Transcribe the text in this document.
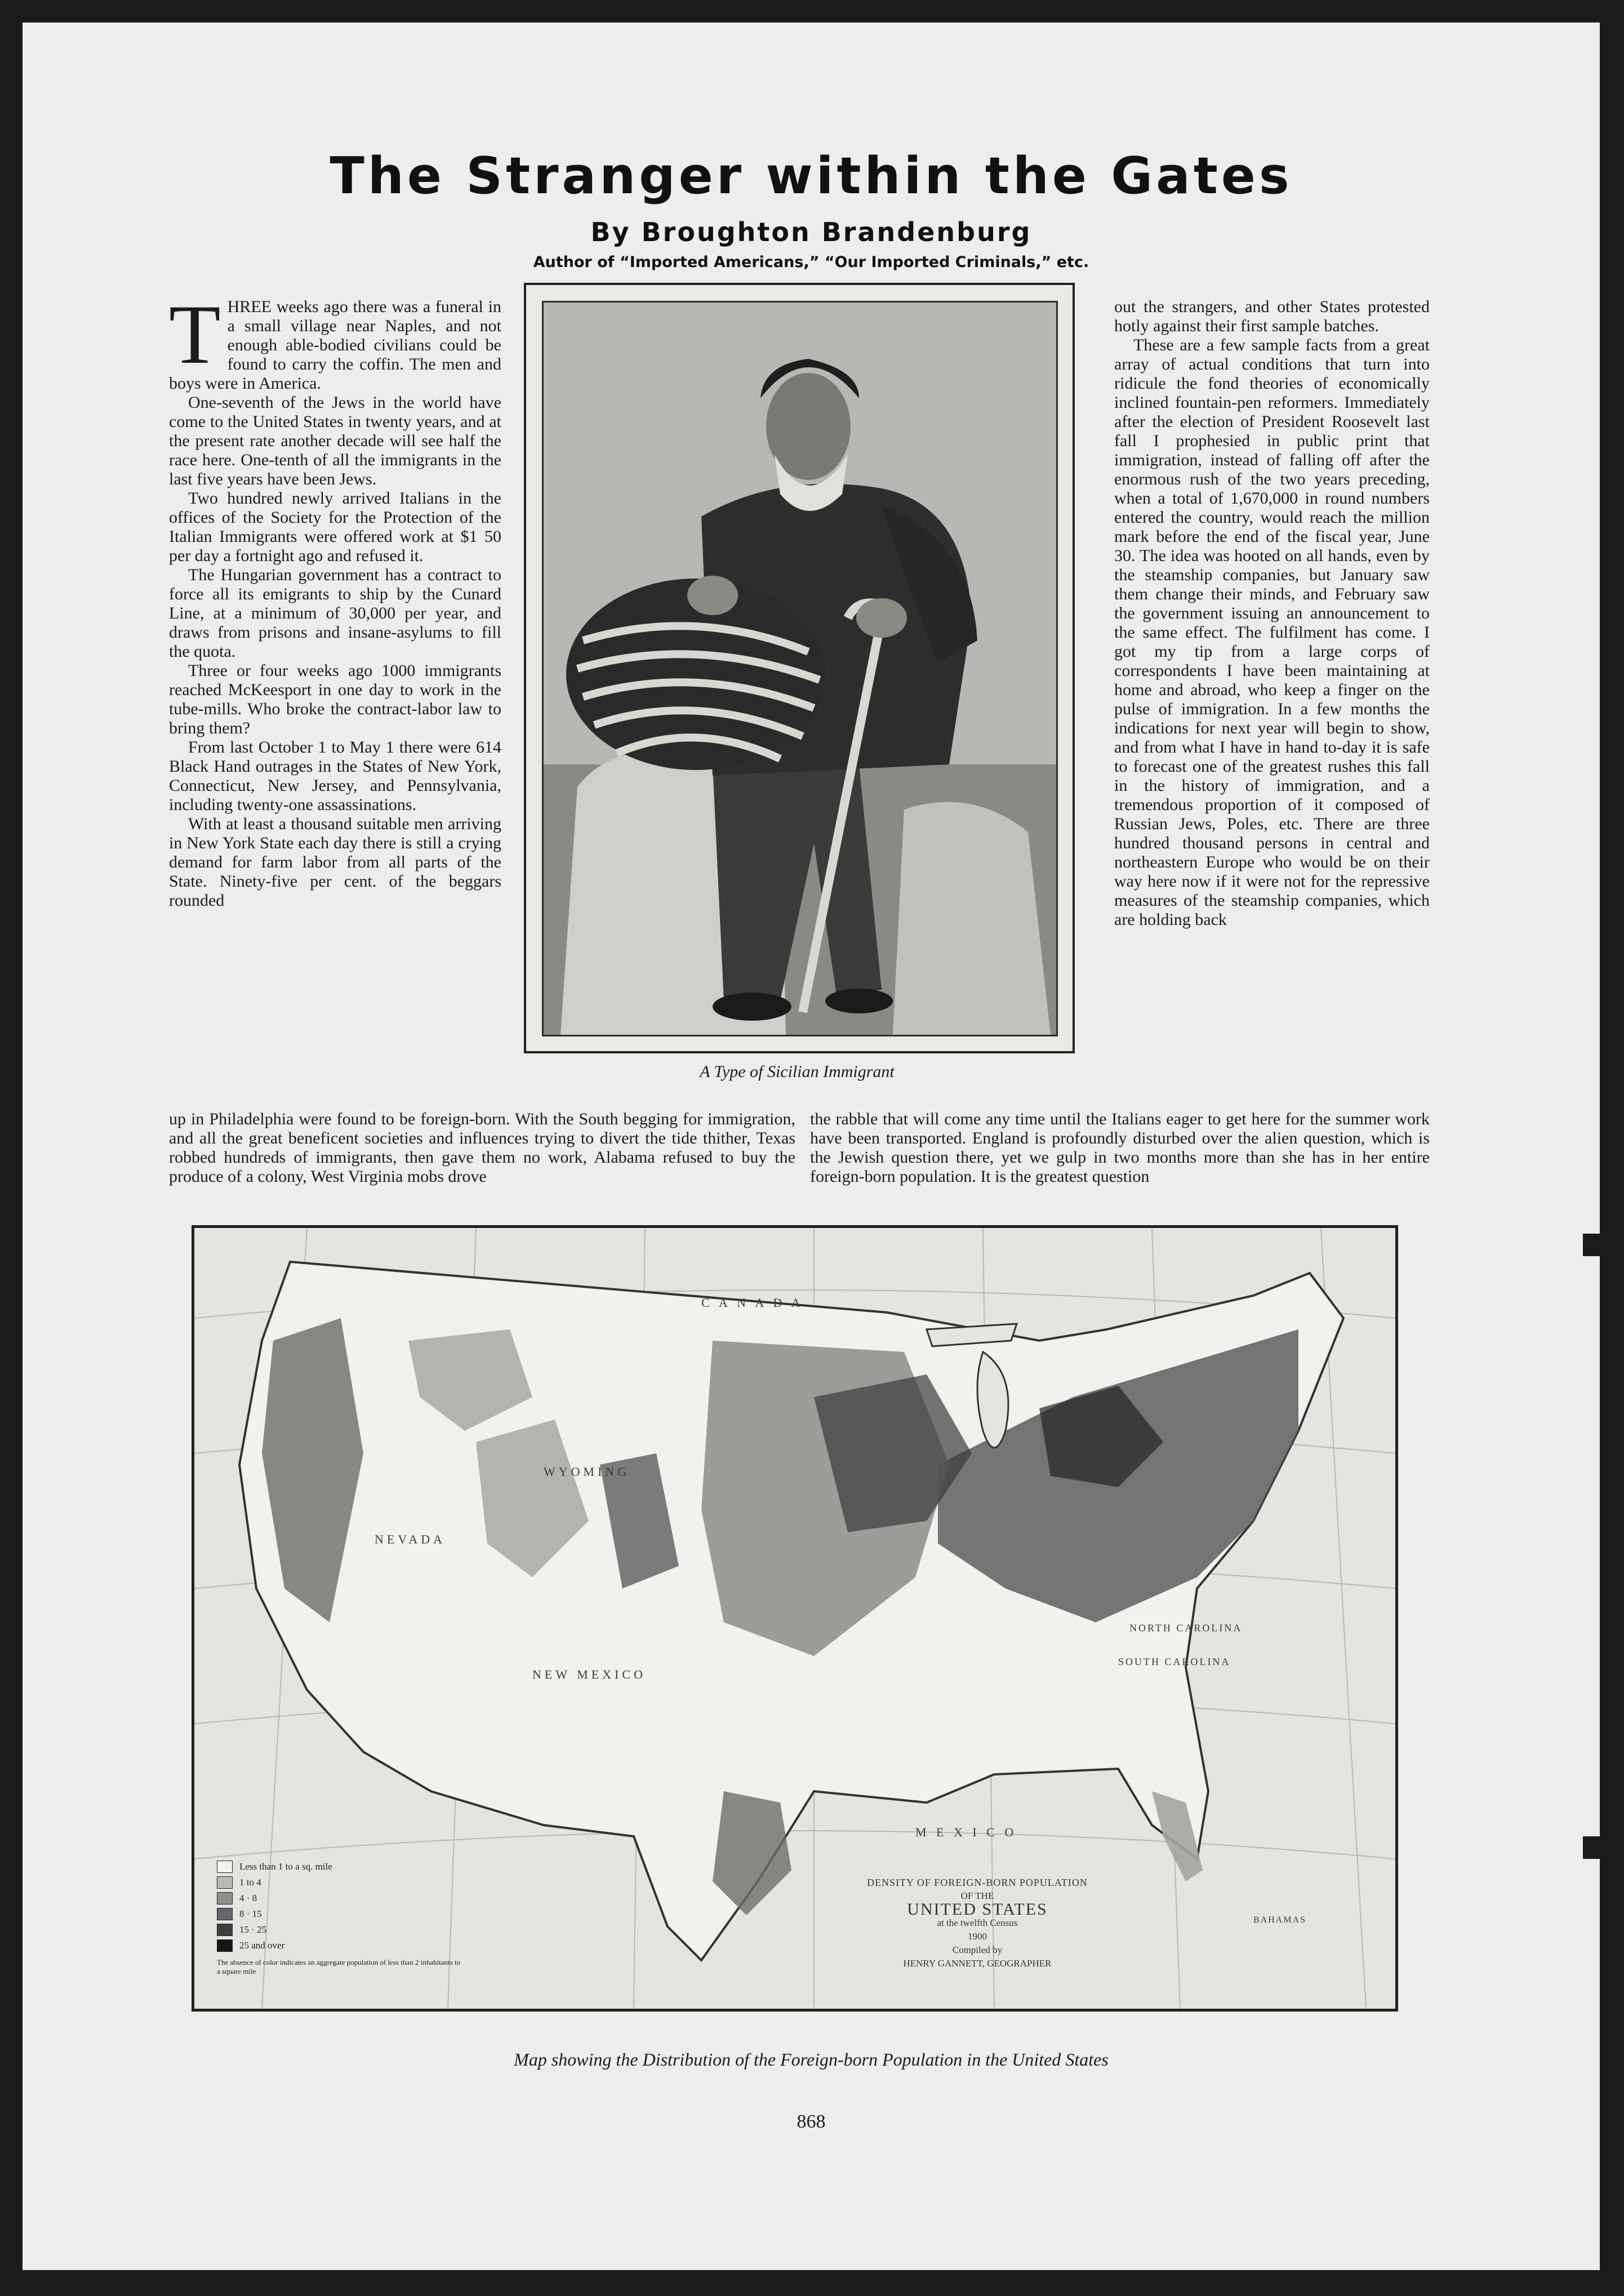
The Stranger within the Gates
By Broughton Brandenburg
Author of “Imported Americans,” “Our Imported Criminals,” etc.

THREE weeks ago there was a funeral in a small village near Naples, and not enough able-bodied civilians could be found to carry the coffin. The men and boys were in America.

One-seventh of the Jews in the world have come to the United States in twenty years, and at the present rate another decade will see half the race here. One-tenth of all the immigrants in the last five years have been Jews.

Two hundred newly arrived Italians in the offices of the Society for the Protection of the Italian Immigrants were offered work at $1 50 per day a fortnight ago and refused it.

The Hungarian government has a contract to force all its emigrants to ship by the Cunard Line, at a minimum of 30,000 per year, and draws from prisons and insane-asylums to fill the quota.

Three or four weeks ago 1000 immigrants reached McKeesport in one day to work in the tube-mills. Who broke the contract-labor law to bring them?

From last October 1 to May 1 there were 614 Black Hand outrages in the States of New York, Connecticut, New Jersey, and Pennsylvania, including twenty-one assassinations.

With at least a thousand suitable men arriving in New York State each day there is still a crying demand for farm labor from all parts of the State. Ninety-five per cent. of the beggars rounded

A Type of Sicilian Immigrant

out the strangers, and other States protested hotly against their first sample batches.

These are a few sample facts from a great array of actual conditions that turn into ridicule the fond theories of economically inclined fountain-pen reformers. Immediately after the election of President Roosevelt last fall I prophesied in public print that immigration, instead of falling off after the enormous rush of the two years preceding, when a total of 1,670,000 in round numbers entered the country, would reach the million mark before the end of the fiscal year, June 30. The idea was hooted on all hands, even by the steamship companies, but January saw them change their minds, and February saw the government issuing an announcement to the same effect. The fulfilment has come. I got my tip from a large corps of correspondents I have been maintaining at home and abroad, who keep a finger on the pulse of immigration. In a few months the indications for next year will begin to show, and from what I have in hand to-day it is safe to forecast one of the greatest rushes this fall in the history of immigration, and a tremendous proportion of it composed of Russian Jews, Poles, etc. There are three hundred thousand persons in central and northeastern Europe who would be on their way here now if it were not for the repressive measures of the steamship companies, which are holding back

up in Philadelphia were found to be foreign-born. With the South begging for immigration, and all the great beneficent societies and influences trying to divert the tide thither, Texas robbed hundreds of immigrants, then gave them no work, Alabama refused to buy the produce of a colony, West Virginia mobs drove
the rabble that will come any time until the Italians eager to get here for the summer work have been transported. England is profoundly disturbed over the alien question, which is the Jewish question there, yet we gulp in two months more than she has in her entire foreign-born population. It is the greatest question
C A N A D A
NEVADA
WYOMING
NEW MEXICO
NORTH CAROLINA
SOUTH CAROLINA
M E X I C O
BAHAMAS
Less than 1 to a sq. mile
1 to 4
4 · 8
8 · 15
15 · 25
25 and over
The absence of color indicates an aggregate population of less than 2 inhabitants to a square mile
DENSITY OF FOREIGN-BORN POPULATION
OF THE
UNITED STATES
at the twelfth Census
1900
Compiled by
HENRY GANNETT, GEOGRAPHER
Map showing the Distribution of the Foreign-born Population in the United States
868
